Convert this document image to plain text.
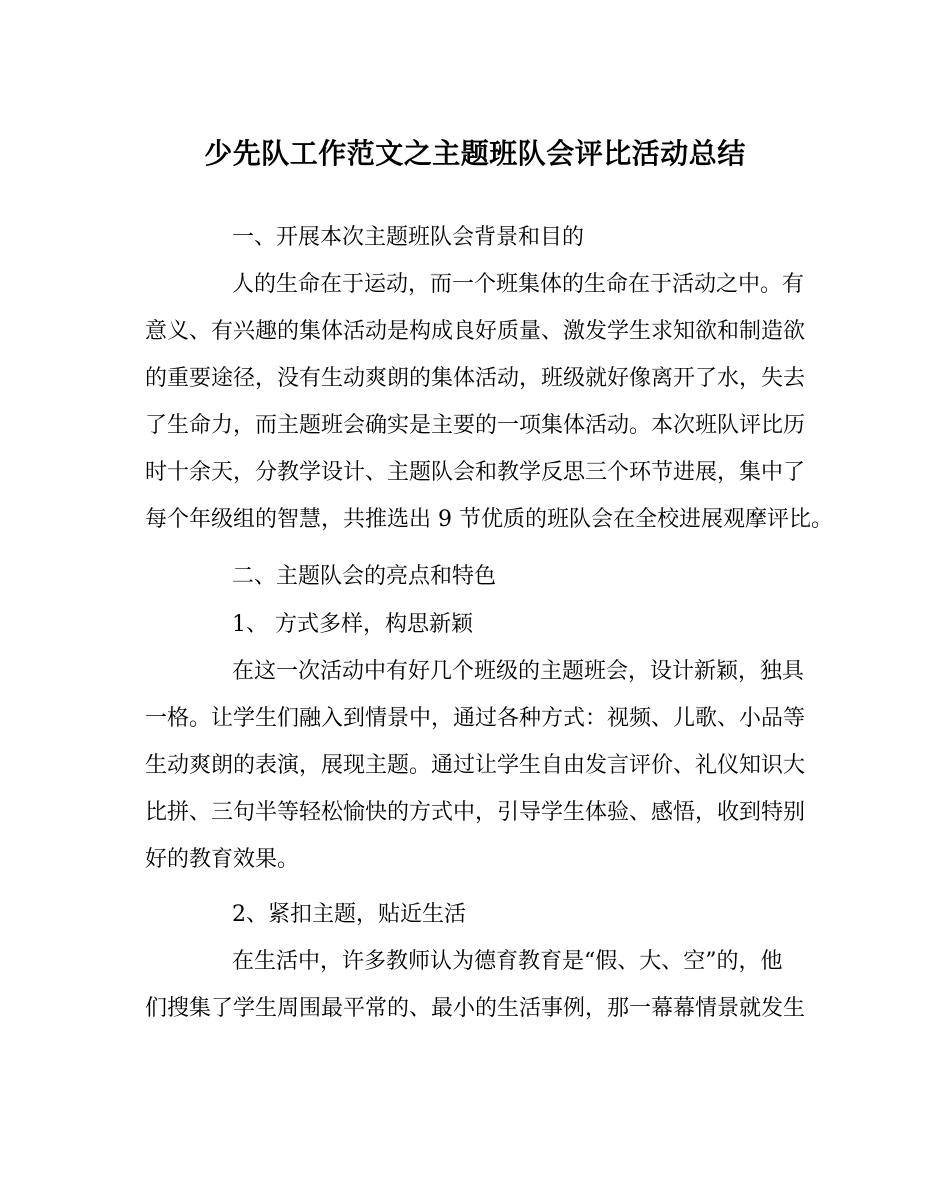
少先队工作范文之主题班队会评比活动总结
一、开展本次主题班队会背景和目的
人的生命在于运动，而一个班集体的生命在于活动之中。有
意义、有兴趣的集体活动是构成良好质量、激发学生求知欲和制造欲
的重要途径，没有生动爽朗的集体活动，班级就好像离开了水，失去
了生命力，而主题班会确实是主要的一项集体活动。本次班队评比历
时十余天，分教学设计、主题队会和教学反思三个环节进展，集中了
每个年级组的智慧，共推选出 9 节优质的班队会在全校进展观摩评比。
二、主题队会的亮点和特色
1、 方式多样，构思新颖
在这一次活动中有好几个班级的主题班会，设计新颖，独具
一格。让学生们融入到情景中，通过各种方式：视频、儿歌、小品等
生动爽朗的表演，展现主题。通过让学生自由发言评价、礼仪知识大
比拼、三句半等轻松愉快的方式中，引导学生体验、感悟，收到特别
好的教育效果。
2、紧扣主题，贴近生活
在生活中，许多教师认为德育教育是“假、大、空”的，他
们搜集了学生周围最平常的、最小的生活事例，那一幕幕情景就发生
